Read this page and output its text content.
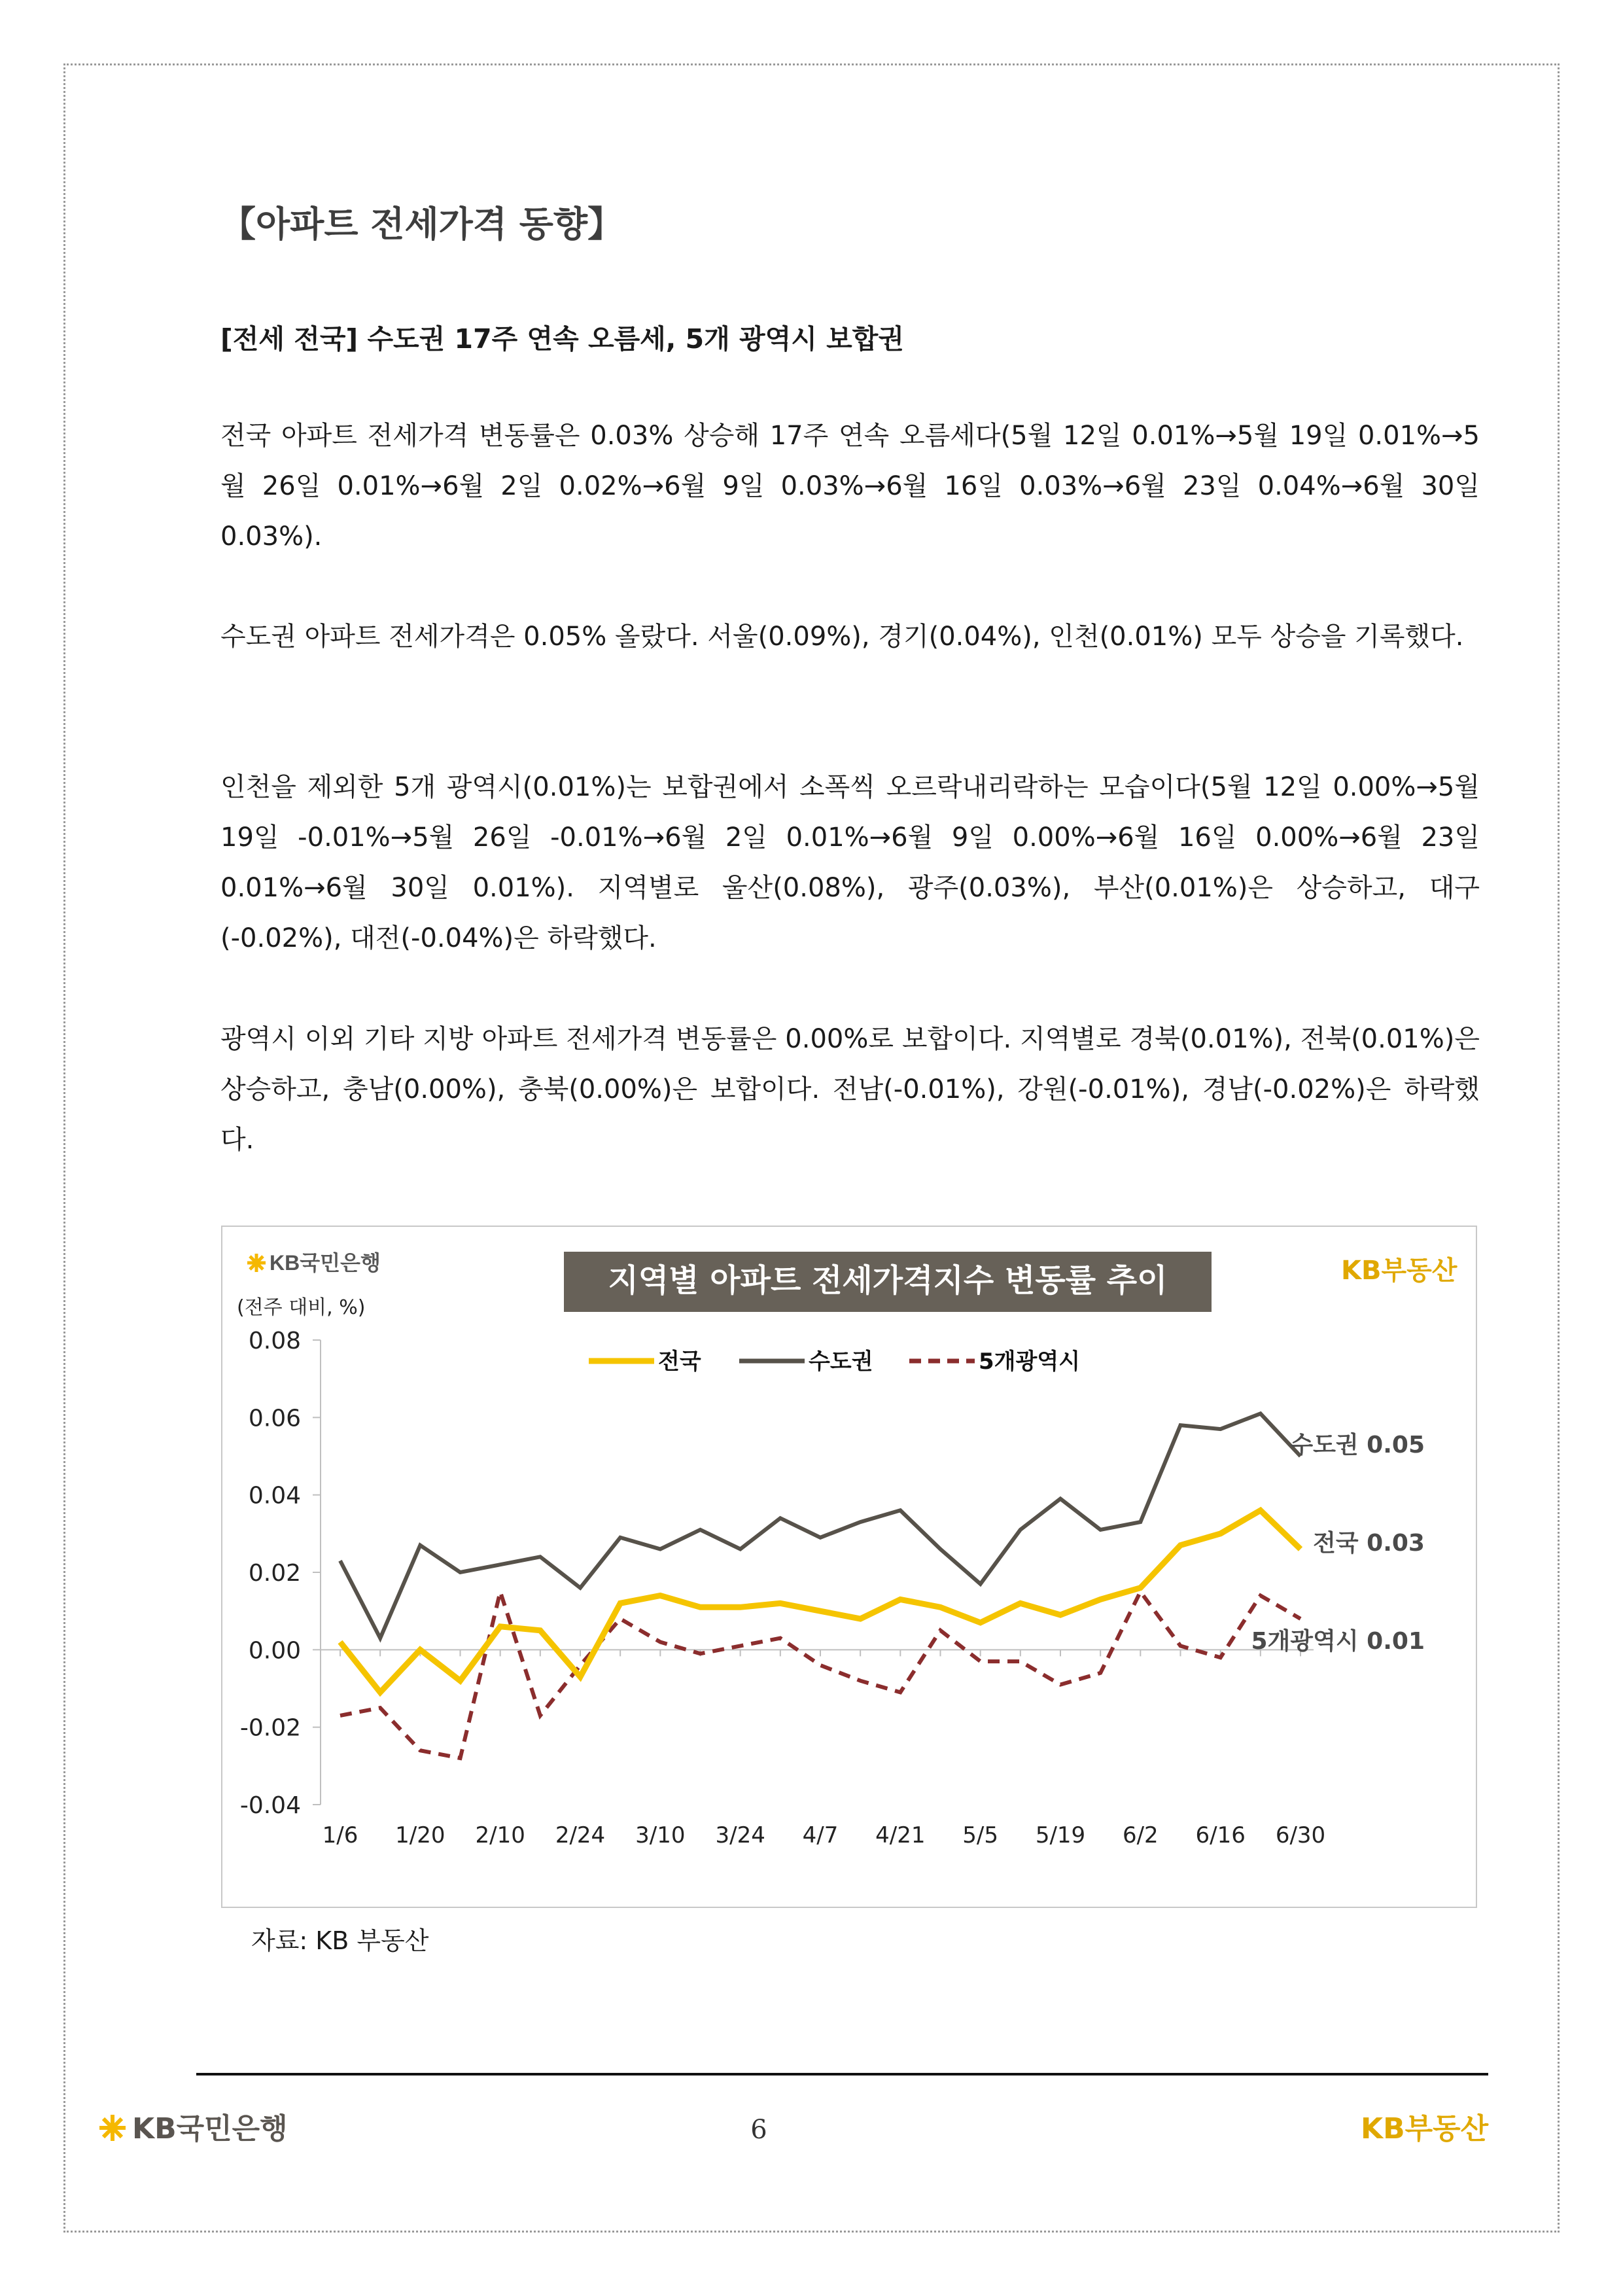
【아파트 전세가격 동향】
[전세 전국] 수도권 17주 연속 오름세, 5개 광역시 보합권

전국 아파트 전세가격 변동률은 0.03% 상승해 17주 연속 오름세다(5월 12일 0.01%→5월 19일 0.01%→5월 26일 0.01%→6월 2일 0.02%→6월 9일 0.03%→6월 16일 0.03%→6월 23일 0.04%→6월 30일 0.03%).

수도권 아파트 전세가격은 0.05% 올랐다. 서울(0.09%), 경기(0.04%), 인천(0.01%) 모두 상승을 기록했다.

인천을 제외한 5개 광역시(0.01%)는 보합권에서 소폭씩 오르락내리락하는 모습이다(5월 12일 0.00%→5월 19일 -0.01%→5월 26일 -0.01%→6월 2일 0.01%→6월 9일 0.00%→6월 16일 0.00%→6월 23일 0.01%→6월 30일 0.01%). 지역별로 울산(0.08%), 광주(0.03%), 부산(0.01%)은 상승하고, 대구(-0.02%), 대전(-0.04%)은 하락했다.

광역시 이외 기타 지방 아파트 전세가격 변동률은 0.00%로 보합이다. 지역별로 경북(0.01%), 전북(0.01%)은 상승하고, 충남(0.00%), 충북(0.00%)은 보합이다. 전남(-0.01%), 강원(-0.01%), 경남(-0.02%)은 하락했다.

KB국민은행	KB부동산
지역별 아파트 전세가격지수 변동률 추이
(전주 대비, %)
전국	수도권	5개광역시
0.08
0.06
0.04
0.02
0.00
-0.02
-0.04
1/6 1/20 2/10 2/24 3/10 3/24 4/7 4/21 5/5 5/19 6/2 6/16 6/30
수도권 0.05
전국 0.03
5개광역시 0.01
자료: KB 부동산
KB국민은행	KB부동산
6
